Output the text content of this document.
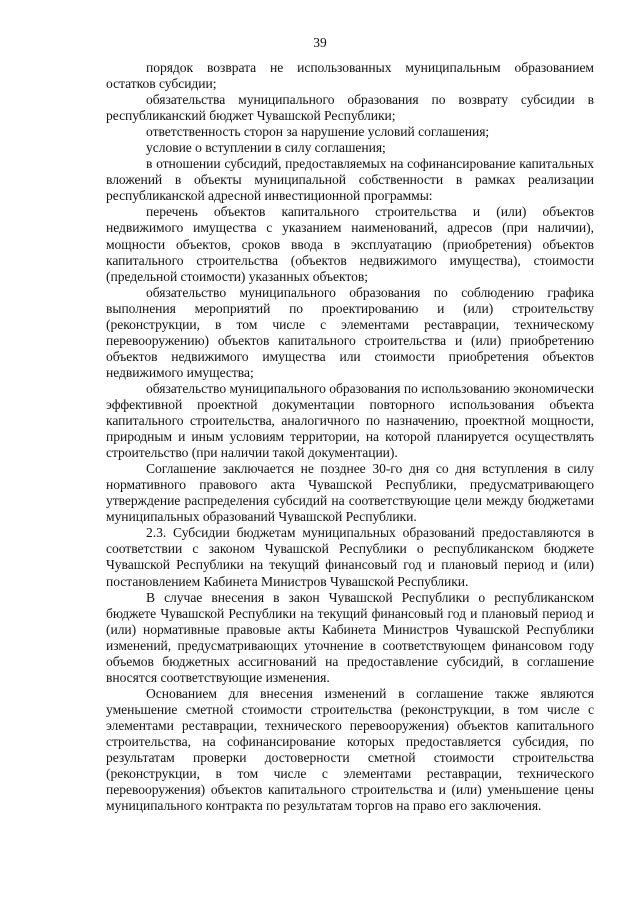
39

порядок возврата не использованных муниципальным образованием остатков субсидии;

обязательства муниципального образования по возврату субсидии в республиканский бюджет Чувашской Республики;

ответственность сторон за нарушение условий соглашения;

условие о вступлении в силу соглашения;

в отношении субсидий, предоставляемых на софинансирование капитальных вложений в объекты муниципальной собственности в рамках реализации республиканской адресной инвестиционной программы:

перечень объектов капитального строительства и (или) объектов недвижимого имущества с указанием наименований, адресов (при наличии), мощности объектов, сроков ввода в эксплуатацию (приобретения) объектов капитального строительства (объектов недвижимого имущества), стоимости (предельной стоимости) указанных объектов;

обязательство муниципального образования по соблюдению графика выполнения мероприятий по проектированию и (или) строительству (реконструкции, в том числе с элементами реставрации, техническому перевооружению) объектов капитального строительства и (или) приобретению объектов недвижимого имущества или стоимости приобретения объектов недвижимого имущества;

обязательство муниципального образования по использованию экономически эффективной проектной документации повторного использования объекта капитального строительства, аналогичного по назначению, проектной мощности, природным и иным условиям территории, на которой планируется осуществлять строительство (при наличии такой документации).

Соглашение заключается не позднее 30-го дня со дня вступления в силу нормативного правового акта Чувашской Республики, предусматривающего утверждение распределения субсидий на соответствующие цели между бюджетами муниципальных образований Чувашской Республики.

2.3. Субсидии бюджетам муниципальных образований предоставляются в соответствии с законом Чувашской Республики о республиканском бюджете Чувашской Республики на текущий финансовый год и плановый период и (или) постановлением Кабинета Министров Чувашской Республики.

В случае внесения в закон Чувашской Республики о республиканском бюджете Чувашской Республики на текущий финансовый год и плановый период и (или) нормативные правовые акты Кабинета Министров Чувашской Республики изменений, предусматривающих уточнение в соответствующем финансовом году объемов бюджетных ассигнований на предоставление субсидий, в соглашение вносятся соответствующие изменения.

Основанием для внесения изменений в соглашение также являются уменьшение сметной стоимости строительства (реконструкции, в том числе с элементами реставрации, технического перевооружения) объектов капитального строительства, на софинансирование которых предоставляется субсидия, по результатам проверки достоверности сметной стоимости строительства (реконструкции, в том числе с элементами реставрации, технического перевооружения) объектов капитального строительства и (или) уменьшение цены муниципального контракта по результатам торгов на право его заключения.
